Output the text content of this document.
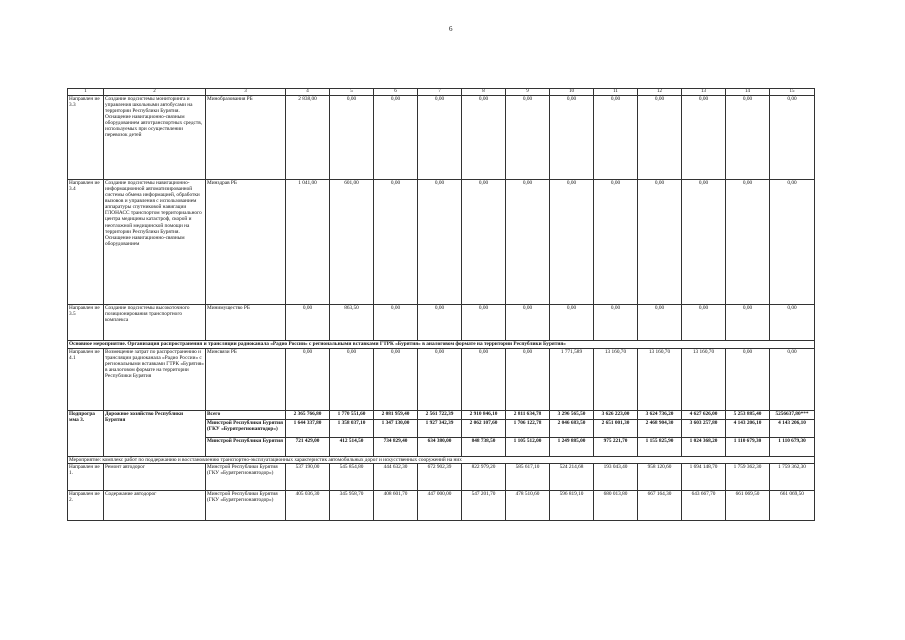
6
1	2	3	4	5	6	7	8	9	10	11	12	13	14	15
Направлен ие 3.3	Создание подсистемы мониторинга и управления школьными автобусами на территории Республики Бурятия. Оснащение навигационно-связным оборудованием автотранспортных средств, используемых при осуществлении перевозок детей	Минобразования РБ	2 838,00	0,00	0,00	0,00	0,00	0,00	0,00	0,00	0,00	0,00	0,00	0,00
Направлен ие 3.4	Создание подсистемы навигационно-информационной автоматизированной системы обмена информацией, обработки вызовов и управления с использованием аппаратуры спутниковой навигации ГЛОНАСС транспортом территориального центра медицины катастроф, скорой и неотложной медицинской помощи на территории Республики Бурятия. Оснащение навигационно-связным оборудованием	Минздрав РБ	1 041,00	601,00	0,00	0,00	0,00	0,00	0,00	0,00	0,00	0,00	0,00	0,00
Направлен ие 3.5	Создание подсистемы высокоточного позиционирования транспортного комплекса	Минимущество РБ	0,00	863,50	0,00	0,00	0,00	0,00	0,00	0,00	0,00	0,00	0,00	0,00
Основное мероприятие. Организация распространения и трансляции радиоканала «Радио России» с региональными вставками ГТРК «Бурятия» в аналоговом формате на территории Республики Бурятия»														
Направлен ие 4.1	Возмещение затрат по распространению и трансляции радиоканала «Радио России» с региональными вставками ГТРК «Бурятия» в аналоговом формате на территории Республики Бурятия	Минсвязи РБ	0,00	0,00	0,00	0,00	0,00	0,00	1 771,589	13 160,70	13 160,70	13 160,70	0,00	0,00
Подпрогра мма 3.	Дорожное хозяйство Республики Бурятия	Всего	2 365 766,80	1 770 551,60	2 081 959,40	2 561 722,39	2 910 846,10	2 811 634,78	3 296 565,50	3 626 223,00	3 624 736,20	4 627 626,00	5 253 885,40	5256637,80***
		Минстрой Республики Бурятия (ГКУ «Бурятрегионавтодор»)	1 644 337,80	1 358 037,10	1 347 130,00	1 927 342,39	2 062 107,60	1 706 122,78	2 046 683,50	2 651 001,30	2 468 904,30	3 603 257,80	4 143 206,10	4 143 206,10
		Минстрой Республики Бурятия	721 429,00	412 514,50	734 829,40	634 380,00	848 738,50	1 105 512,00	1 249 885,00	975 221,70	1 155 825,90	1 024 368,20	1 110 679,30	1 110 679,30
Мероприятие: комплекс работ по поддержанию и восстановлению транспортно-эксплуатационных характеристик автомобильных дорог и искусственных сооружений на них														
Направлен ие 1.	Ремонт автодорог	Минстрой Республики Бурятия (ГКУ «Бурятрегионавтодор»)	537 190,00	545 854,80	444 632,30	672 902,39	822 979,20	585 617,10	524 214,68	193 043,40	958 120,60	1 694 148,70	1 759 362,30	1 759 362,30
Направлен ие 2.	Содержание автодорог	Минстрой Республики Бурятия (ГКУ «Бурятрегионавтодор»)	405 036,30	345 958,70	408 601,70	447 000,00	547 201,70	478 510,60	596 819,10	680 013,80	667 164,30	643 667,70	661 069,50	661 069,50
